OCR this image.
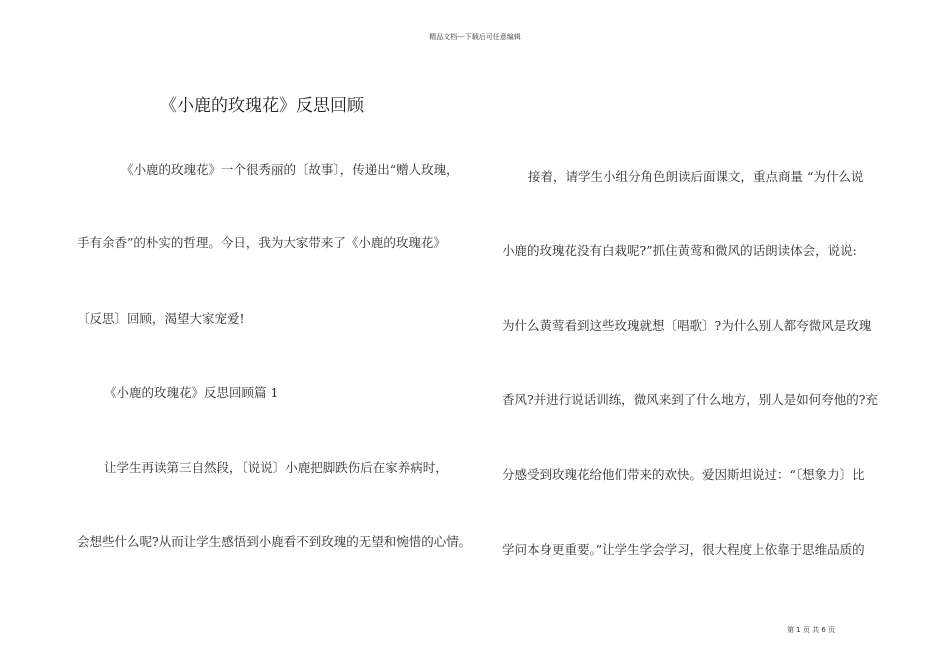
精品文档---下载后可任意编辑
《小鹿的玫瑰花》反思回顾
《小鹿的玫瑰花》一个很秀丽的〔故事〕，传递出“赠人玫瑰，
手有余香”的朴实的哲理。今日，我为大家带来了《小鹿的玫瑰花》
〔反思〕回顾，渴望大家宠爱!
《小鹿的玫瑰花》反思回顾篇 1
让学生再读第三自然段，〔说说〕小鹿把脚跌伤后在家养病时，
会想些什么呢?从而让学生感悟到小鹿看不到玫瑰的无望和惋惜的心情。
接着，请学生小组分角色朗读后面课文，重点商量 “为什么说
小鹿的玫瑰花没有白栽呢?”抓住黄莺和微风的话朗读体会，说说:
为什么黄莺看到这些玫瑰就想〔唱歌〕?为什么别人都夸微风是玫瑰
香风?并进行说话训练，微风来到了什么地方，别人是如何夸他的?充
分感受到玫瑰花给他们带来的欢快。爱因斯坦说过：“〔想象力〕比
学问本身更重要。”让学生学会学习，很大程度上依靠于思维品质的
第 1 页 共 6 页
